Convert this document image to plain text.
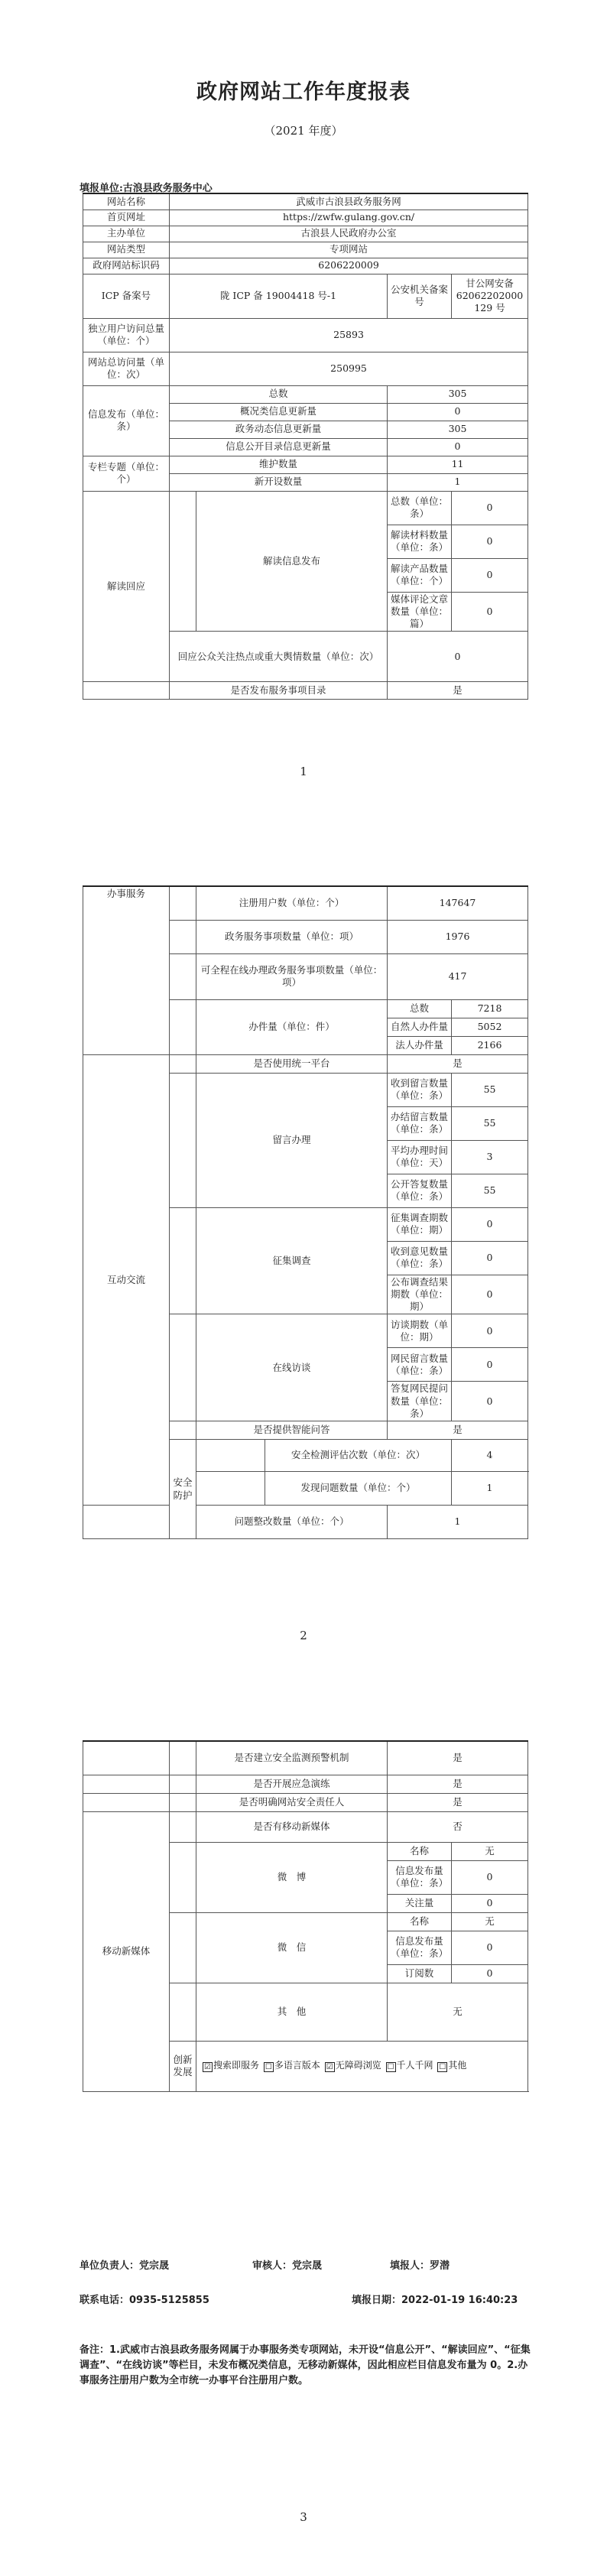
政府网站工作年度报表
（2021 年度）
填报单位:古浪县政务服务中心
网站名称	武威市古浪县政务服务网			
首页网址	https://zwfw.gulang.gov.cn/			
主办单位	古浪县人民政府办公室			
网站类型	专项网站			
政府网站标识码	6206220009			
ICP 备案号	陇 ICP 备 19004418 号-1		公安机关备案号	甘公网安备 62062202000 129 号
独立用户访问总量（单位：个）	25893			
网站总访问量（单位：次）	250995			
信息发布（单位：条）	总数		305	
	概况类信息更新量		0	
	政务动态信息更新量		305	
	信息公开目录信息更新量		0	
专栏专题（单位：个）	维护数量		11	
	新开设数量		1	
解读回应		解读信息发布	总数（单位：条）	0
			解读材料数量（单位：条）	0
			解读产品数量（单位：个）	0
			媒体评论文章数量（单位：篇）	0
	回应公众关注热点或重大舆情数量（单位：次）		0	
	是否发布服务事项目录		是	
1
办事服务		注册用户数（单位：个）		147647	
		政务服务事项数量（单位：项）		1976	
		可全程在线办理政务服务事项数量（单位：项）		417	
		办件量（单位：件）		总数	7218
				自然人办件量	5052
				法人办件量	2166
互动交流		是否使用统一平台		是	
		留言办理		收到留言数量（单位：条）	55
				办结留言数量（单位：条）	55
				平均办理时间（单位：天）	3
				公开答复数量（单位：条）	55
		征集调查		征集调查期数（单位：期）	0
				收到意见数量（单位：条）	0
				公布调查结果期数（单位：期）	0
		在线访谈		访谈期数（单位：期）	0
				网民留言数量（单位：条）	0
				答复网民提问数量（单位：条）	0
		是否提供智能问答		是	
	安全防护		安全检测评估次数（单位：次）		4
			发现问题数量（单位：个）		1
		问题整改数量（单位：个）		1	
2
		是否建立安全监测预警机制	是	
		是否开展应急演练	是	
		是否明确网站安全责任人	是	
移动新媒体		是否有移动新媒体	否	
		微　博	名称	无
			信息发布量（单位：条）	0
			关注量	0
		微　信	名称	无
			信息发布量（单位：条）	0
			订阅数	0
		其　他	无	
	创新发展	☑ 搜索即服务 ☐ 多语言版本 ☑ 无障碍浏览 ☐ 千人千网 ☐ 其他		
单位负责人：党宗晟	审核人：党宗晟	填报人：罗潜
联系电话：0935-5125855	填报日期：2022-01-19 16:40:23
备注：1.武威市古浪县政务服务网属于办事服务类专项网站，未开设“信息公开”、“解读回应”、“征集调查”、“在线访谈”等栏目，未发布概况类信息，无移动新媒体，因此相应栏目信息发布量为 0。2.办事服务注册用户数为全市统一办事平台注册用户数。
3
